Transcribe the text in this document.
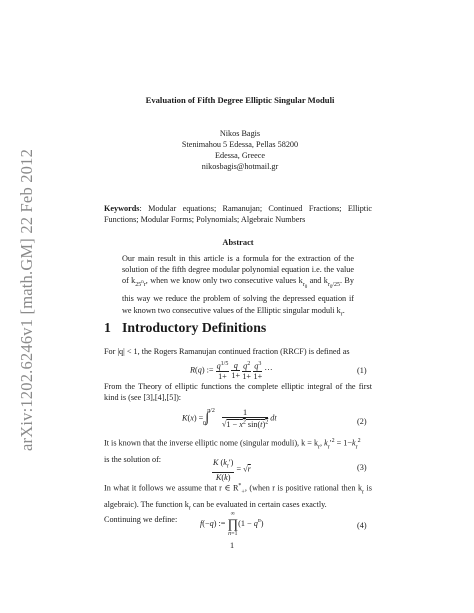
arXiv:1202.6246v1 [math.GM] 22 Feb 2012
Evaluation of Fifth Degree Elliptic Singular Moduli
Nikos Bagis
Stenimahou 5 Edessa, Pellas 58200
Edessa, Greece
nikosbagis@hotmail.gr
Keywords: Modular equations; Ramanujan; Continued Fractions; Elliptic Functions; Modular Forms; Polynomials; Algebraic Numbers
Abstract
Our main result in this article is a formula for the extraction of the solution of the fifth degree modular polynomial equation i.e. the value of $k_{25^nr}$, when we know only two consecutive values $k_{r_0}$ and $k_{r_0/25}$. By this way we reduce the problem of solving the depressed equation if we known two consecutive values of the Elliptic singular moduli $k_r$.
1 Introductory Definitions
For |q| < 1, the Rogers Ramanujan continued fraction (RRCF) is defined as
R(q) := $\frac{q^{1/5}}{1+}$
$\frac{q}{1+}$
$\frac{q^2}{1+}$
$\frac{q^3}{1+}$ ···	(1)
From the Theory of elliptic functions the complete elliptic integral of the first kind is (see [3],[4],[5]):
$K(x) = \int^{\pi/2}_0 \frac{1}{√1 - x^2 \sin(t)^2}$ dt	(2)
It is known that the inverse elliptic nome (singular moduli), $k = k_r$, $k_r'^2 = 1-k_r^2$
is the solution of:	$\frac{K (k_r')}{K(k)} = √r$	(3)
In what it follows we assume that r ∈ $R^*_+$, (when r is positive rational then $k_r$ is algebraic). The function $k_r$ can be evaluated in certain cases exactly.
Continuing we define:	f(−q) :=
∞
∏
n=1
$(1 - q^n)$	(4)
1
